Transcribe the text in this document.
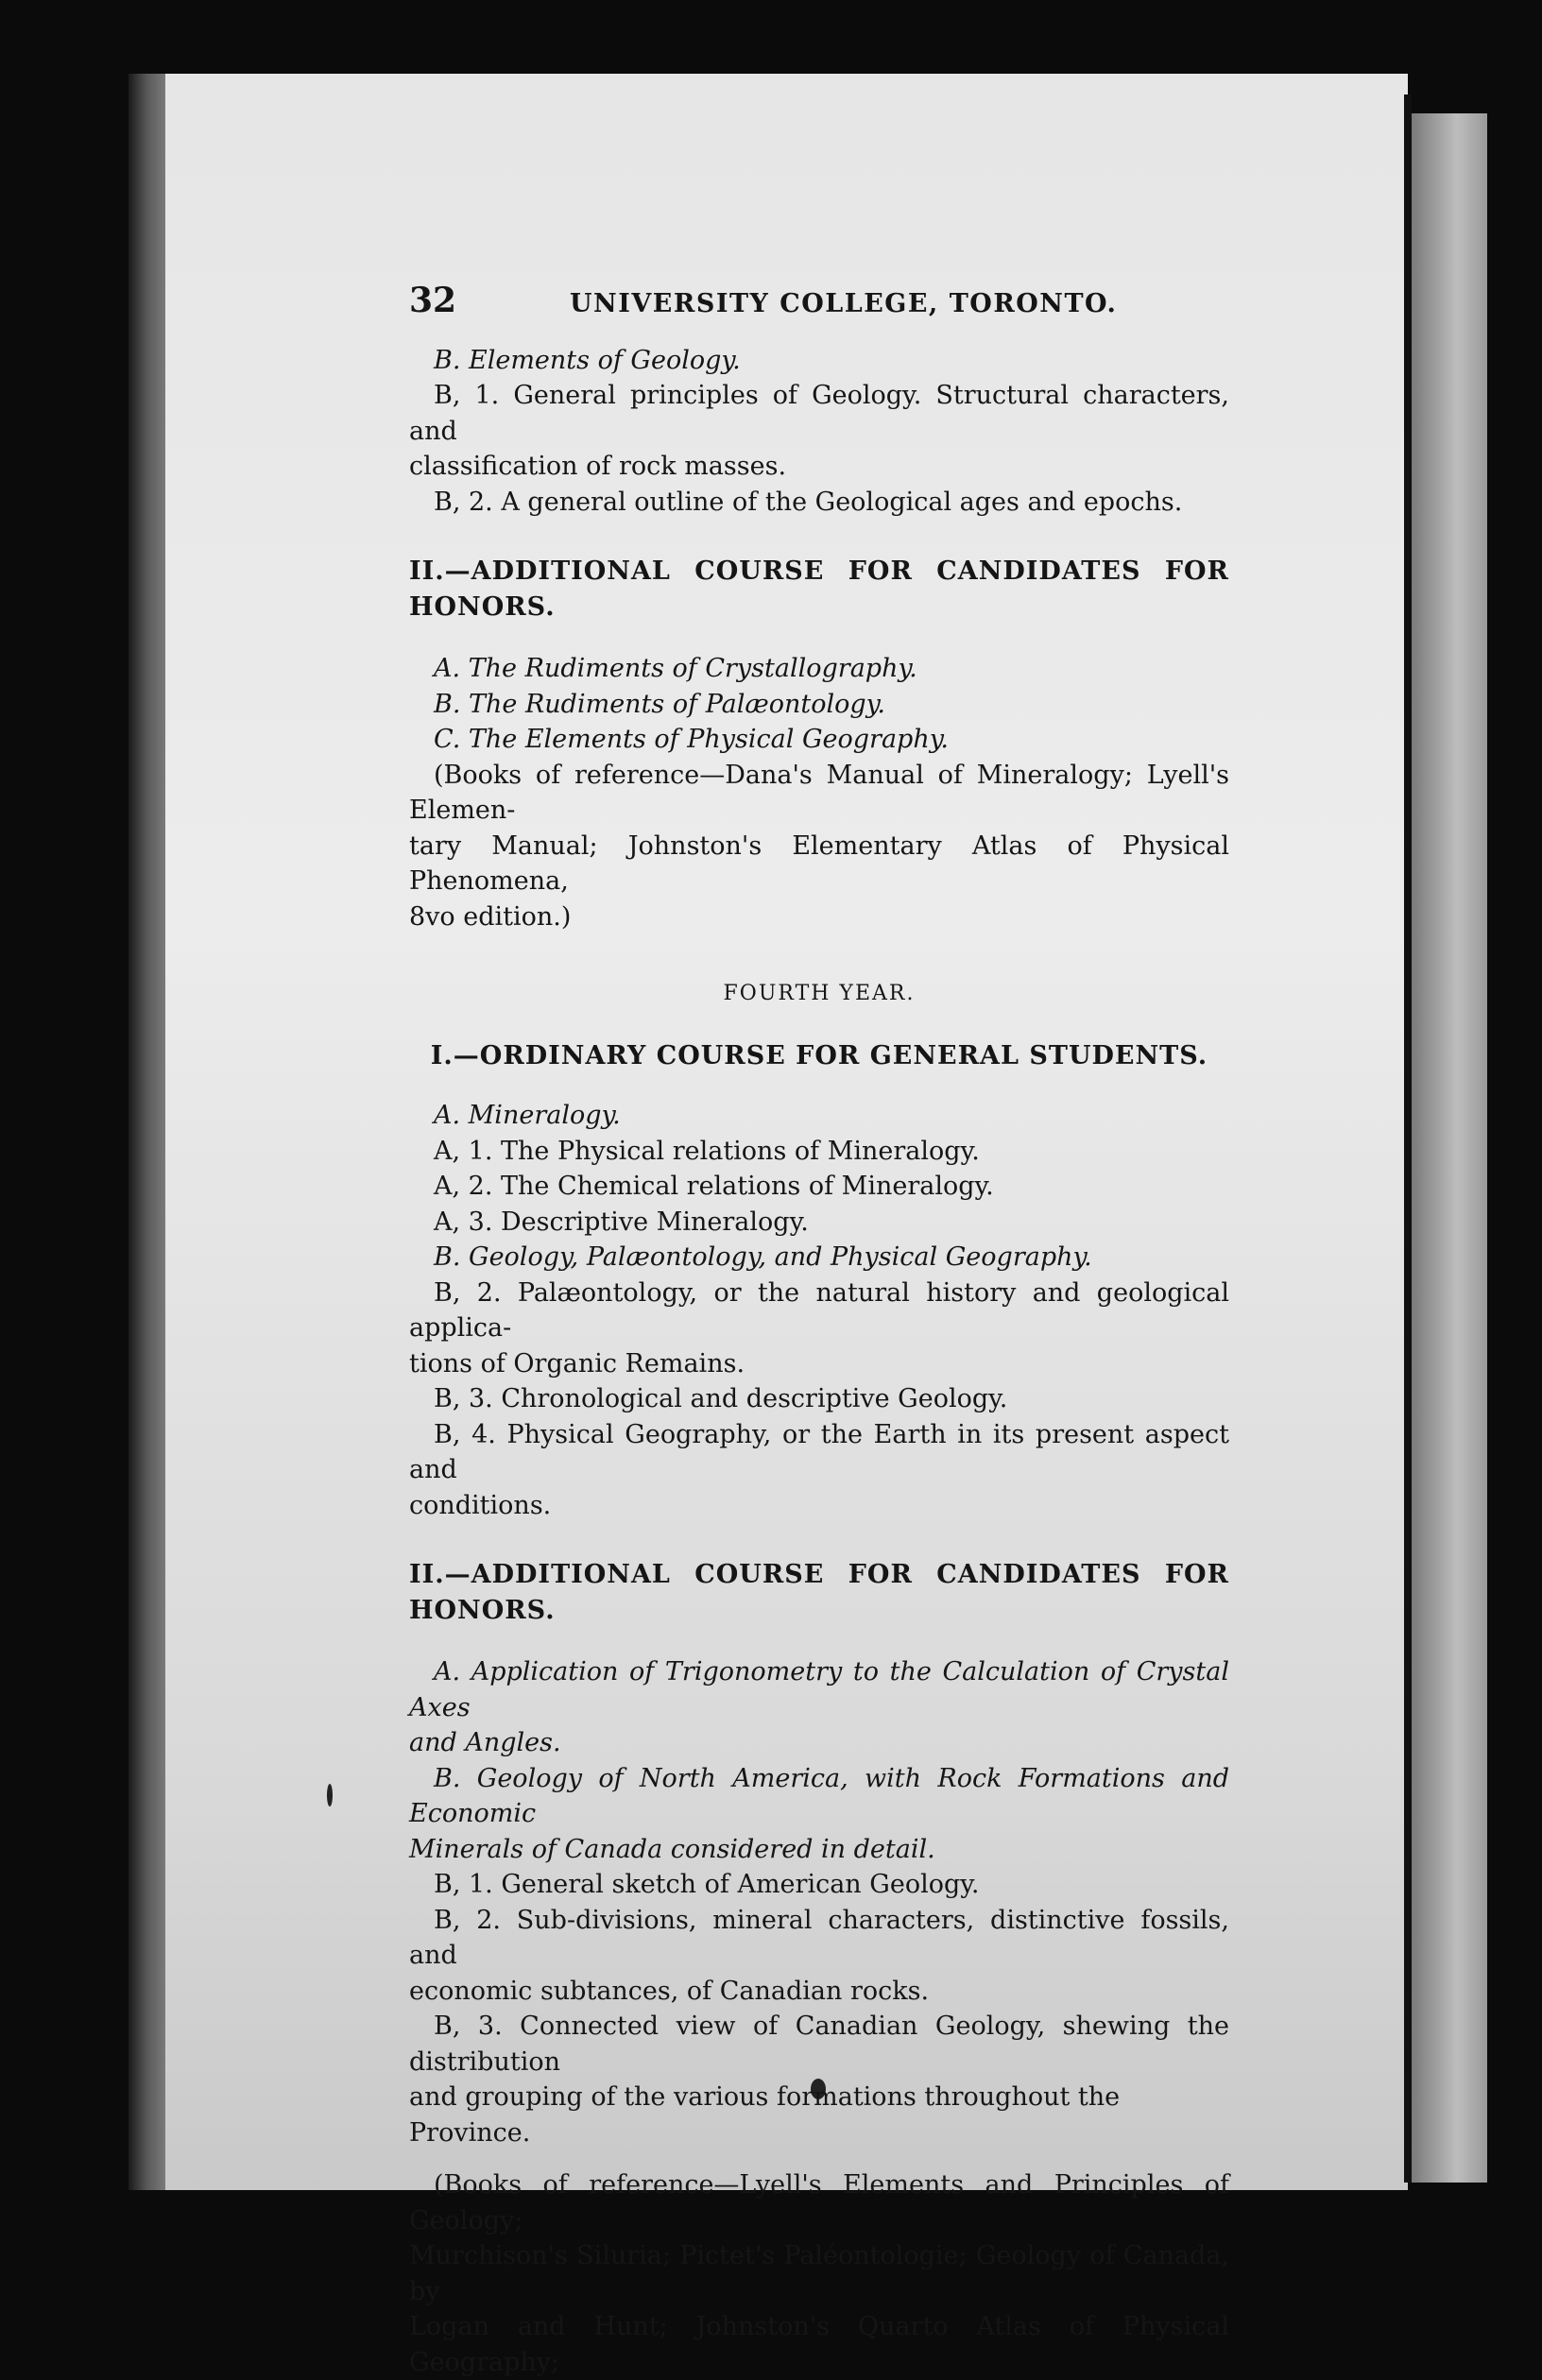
32	UNIVERSITY COLLEGE, TORONTO.

B. Elements of Geology.

B, 1. General principles of Geology. Structural characters, and

classification of rock masses.

B, 2. A general outline of the Geological ages and epochs.

II.—ADDITIONAL COURSE FOR CANDIDATES FOR HONORS.

A. The Rudiments of Crystallography.

B. The Rudiments of Palæontology.

C. The Elements of Physical Geography.

(Books of reference—Dana's Manual of Mineralogy; Lyell's Elemen-

tary Manual; Johnston's Elementary Atlas of Physical Phenomena,

8vo edition.)

FOURTH YEAR.

I.—ORDINARY COURSE FOR GENERAL STUDENTS.

A. Mineralogy.

A, 1. The Physical relations of Mineralogy.

A, 2. The Chemical relations of Mineralogy.

A, 3. Descriptive Mineralogy.

B. Geology, Palæontology, and Physical Geography.

B, 2. Palæontology, or the natural history and geological applica-

tions of Organic Remains.

B, 3. Chronological and descriptive Geology.

B, 4. Physical Geography, or the Earth in its present aspect and

conditions.

II.—ADDITIONAL COURSE FOR CANDIDATES FOR HONORS.

A. Application of Trigonometry to the Calculation of Crystal Axes

and Angles.

B. Geology of North America, with Rock Formations and Economic

Minerals of Canada considered in detail.

B, 1. General sketch of American Geology.

B, 2. Sub-divisions, mineral characters, distinctive fossils, and

economic subtances, of Canadian rocks.

B, 3. Connected view of Canadian Geology, shewing the distribution

and grouping of the various formations throughout the Province.

(Books of reference—Lyell's Elements and Principles of Geology;

Murchison's Siluria; Pictet's Paléontologie; Geology of Canada, by

Logan and Hunt; Johnston's Quarto Atlas of Physical Geography;
